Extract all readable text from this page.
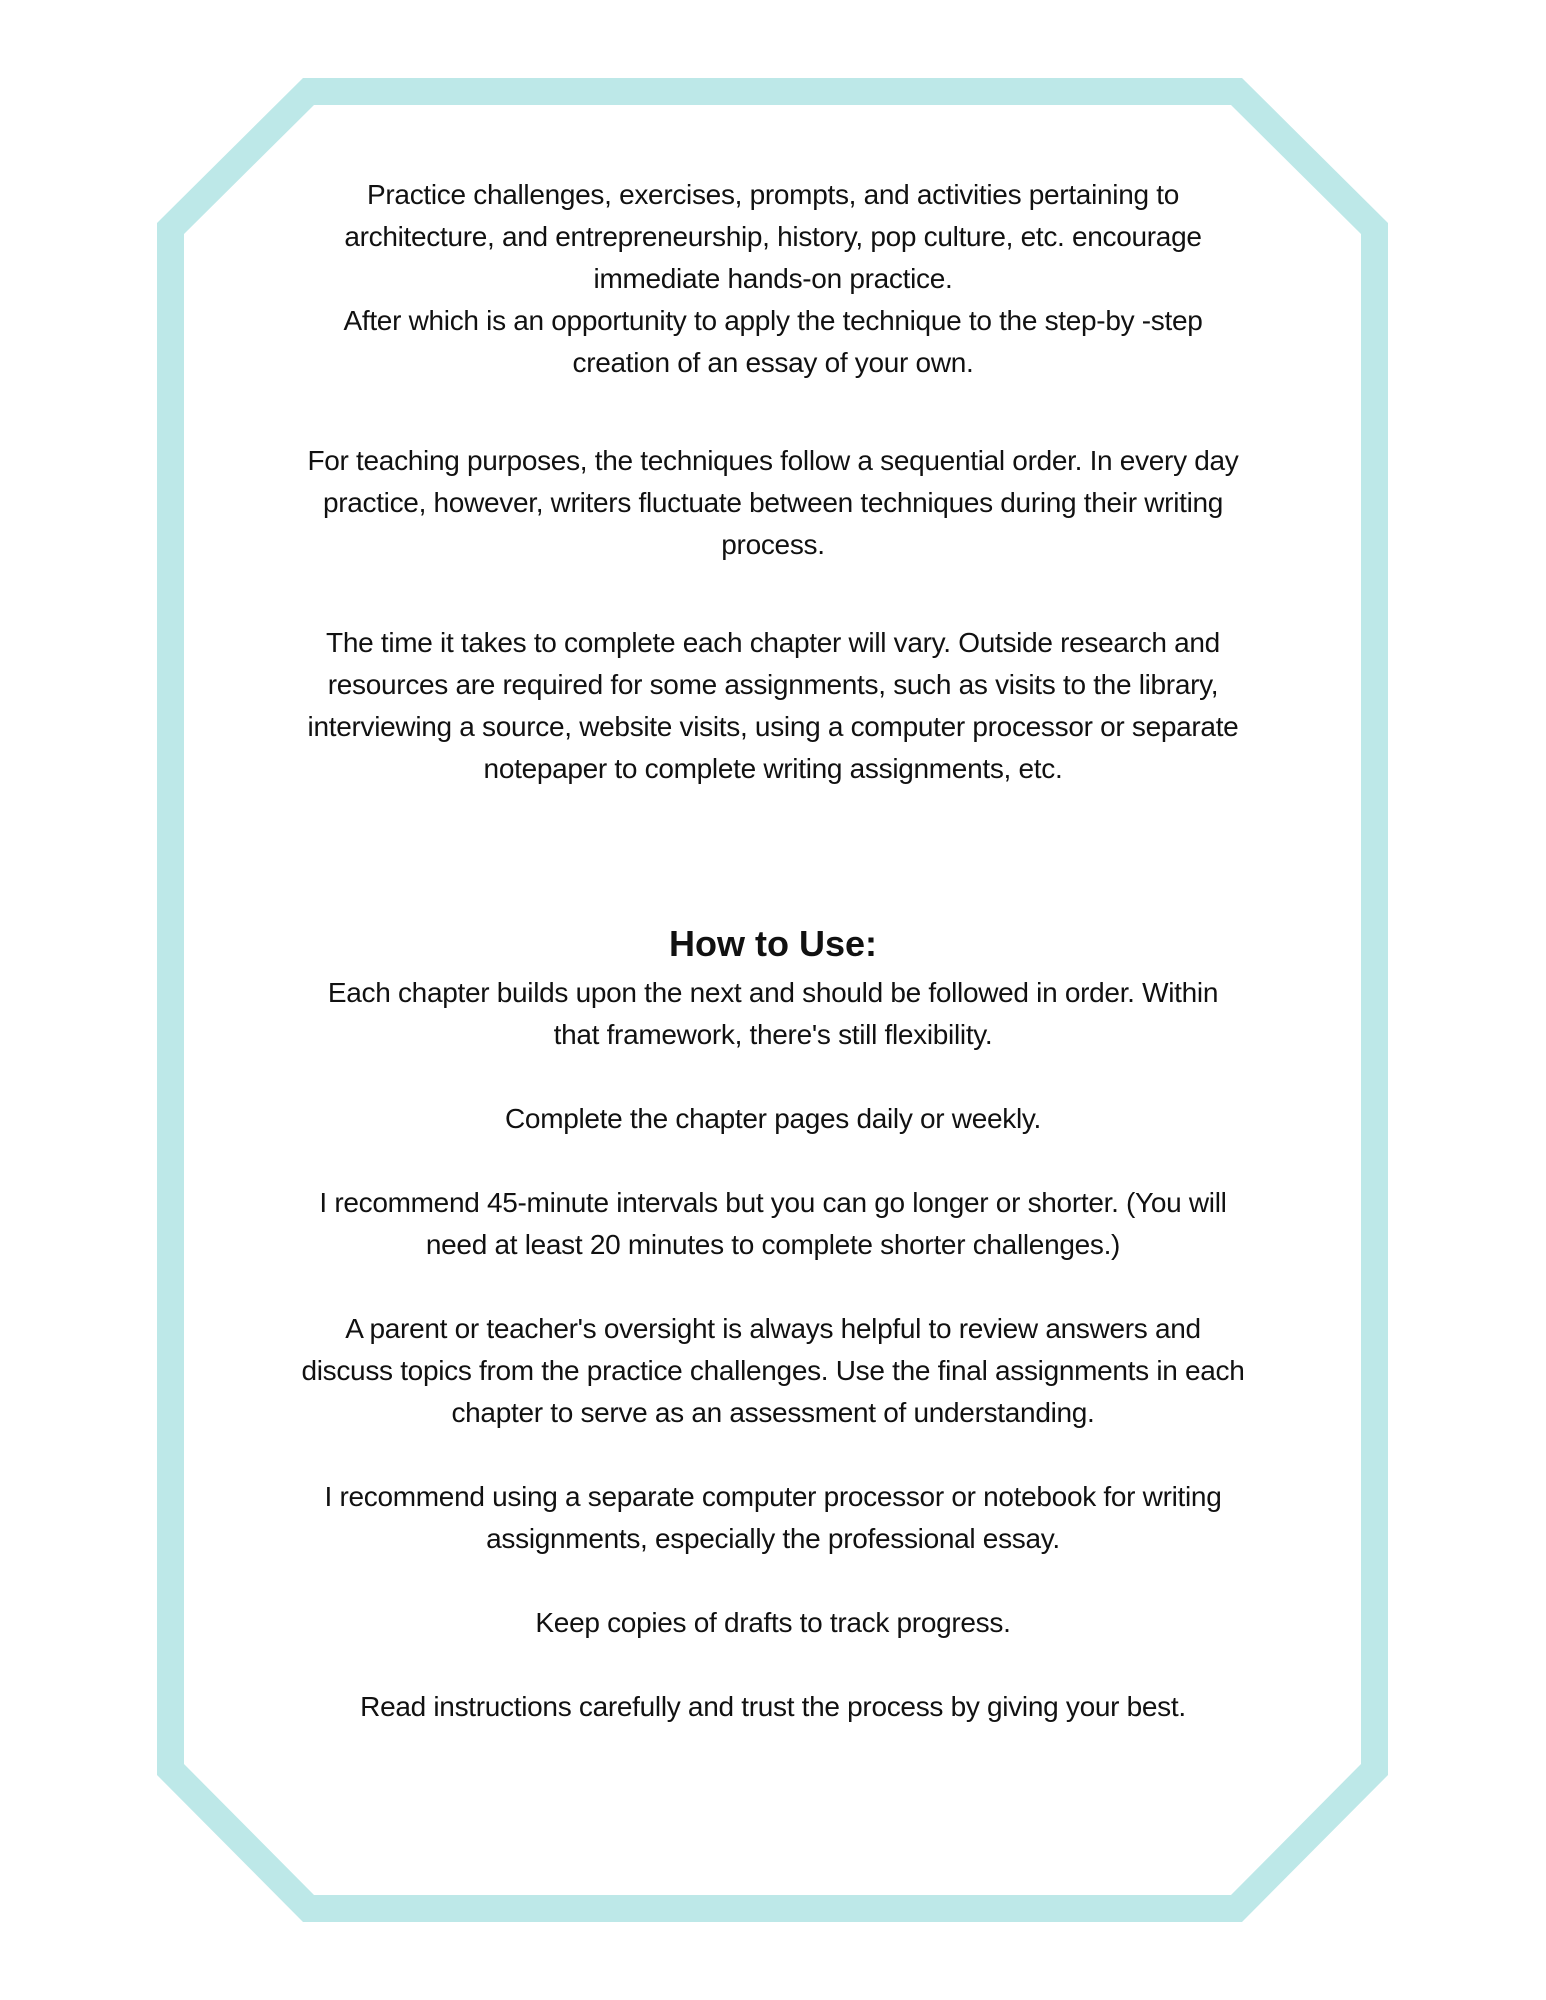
Practice challenges, exercises, prompts, and activities pertaining to
architecture, and entrepreneurship, history, pop culture, etc. encourage
immediate hands-on practice.
After which is an opportunity to apply the technique to the step-by -step
creation of an essay of your own.

For teaching purposes, the techniques follow a sequential order. In every day
practice, however, writers fluctuate between techniques during their writing
process.

The time it takes to complete each chapter will vary. Outside research and
resources are required for some assignments, such as visits to the library,
interviewing a source, website visits, using a computer processor or separate
notepaper to complete writing assignments, etc.

How to Use:

Each chapter builds upon the next and should be followed in order. Within
that framework, there's still flexibility.

Complete the chapter pages daily or weekly.

I recommend 45-minute intervals but you can go longer or shorter. (You will
need at least 20 minutes to complete shorter challenges.)

A parent or teacher's oversight is always helpful to review answers and
discuss topics from the practice challenges. Use the final assignments in each
chapter to serve as an assessment of understanding.

I recommend using a separate computer processor or notebook for writing
assignments, especially the professional essay.

Keep copies of drafts to track progress.

Read instructions carefully and trust the process by giving your best.
